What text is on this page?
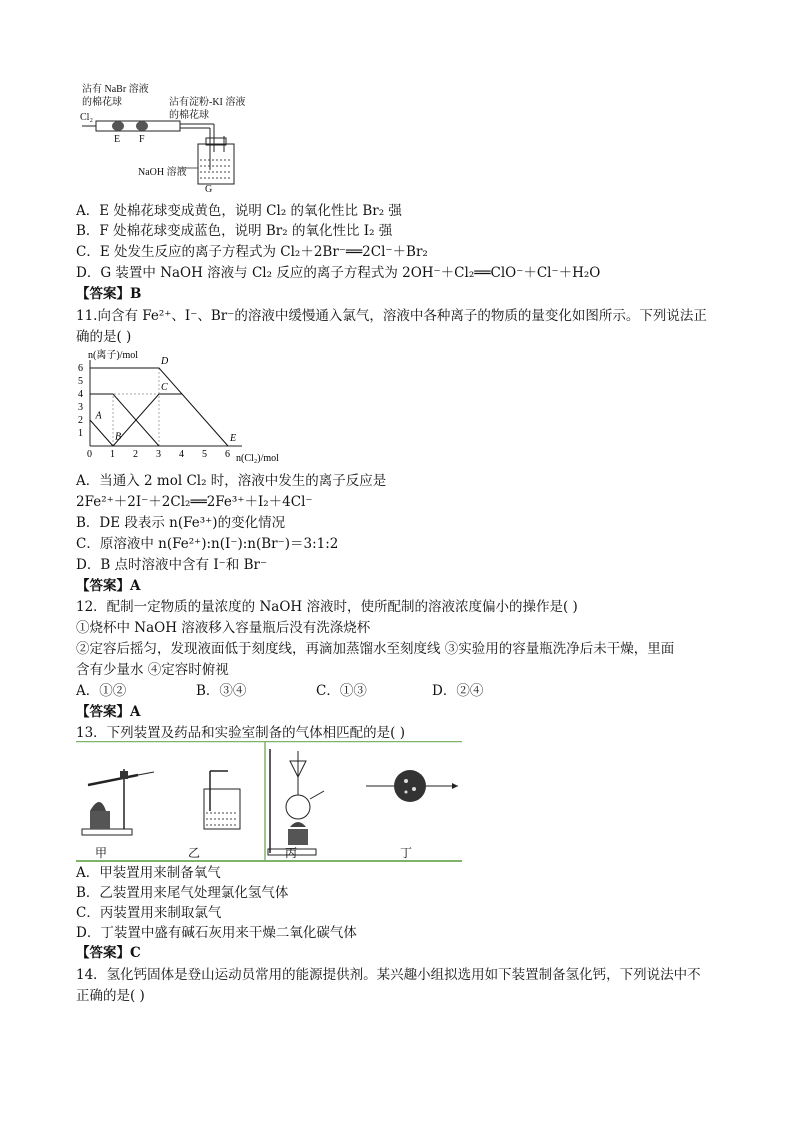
沾有 NaBr 溶液
的棉花球	沾有淀粉-KI 溶液
的棉花球
Cl₂
E F
NaOH 溶液
G
A．E 处棉花球变成黄色，说明 Cl₂ 的氧化性比 Br₂ 强
B．F 处棉花球变成蓝色，说明 Br₂ 的氧化性比 I₂ 强
C．E 处发生反应的离子方程式为 Cl₂＋2Br⁻══2Cl⁻＋Br₂
D．G 装置中 NaOH 溶液与 Cl₂ 反应的离子方程式为 2OH⁻＋Cl₂══ClO⁻＋Cl⁻＋H₂O
【答案】B
11.向含有 Fe²⁺、I⁻、Br⁻的溶液中缓慢通入氯气，溶液中各种离子的物质的量变化如图所示。下列说法正
确的是( )
0 1 2 3 4 5 6
1
2
3
4
5
6
A
B
C
D
E
n(离子)/mol
n(Cl₂)/mol
A．当通入 2 mol Cl₂ 时，溶液中发生的离子反应是
2Fe²⁺＋2I⁻＋2Cl₂══2Fe³⁺＋I₂＋4Cl⁻
B．DE 段表示 n(Fe³⁺)的变化情况
C．原溶液中 n(Fe²⁺):n(I⁻):n(Br⁻)＝3:1:2
D．B 点时溶液中含有 I⁻和 Br⁻
【答案】A
12．配制一定物质的量浓度的 NaOH 溶液时，使所配制的溶液浓度偏小的操作是( )
①烧杯中 NaOH 溶液移入容量瓶后没有洗涤烧杯
②定容后摇匀，发现液面低于刻度线，再滴加蒸馏水至刻度线 ③实验用的容量瓶洗净后未干燥，里面
含有少量水 ④定容时俯视
A．①②	B．③④	C．①③	D．②④
【答案】A
13．下列装置及药品和实验室制备的气体相匹配的是( )
甲	乙	丙	丁
A．甲装置用来制备氧气
B．乙装置用来尾气处理氯化氢气体
C．丙装置用来制取氯气
D．丁装置中盛有碱石灰用来干燥二氧化碳气体
【答案】C
14．氢化钙固体是登山运动员常用的能源提供剂。某兴趣小组拟选用如下装置制备氢化钙，下列说法中不
正确的是( )
